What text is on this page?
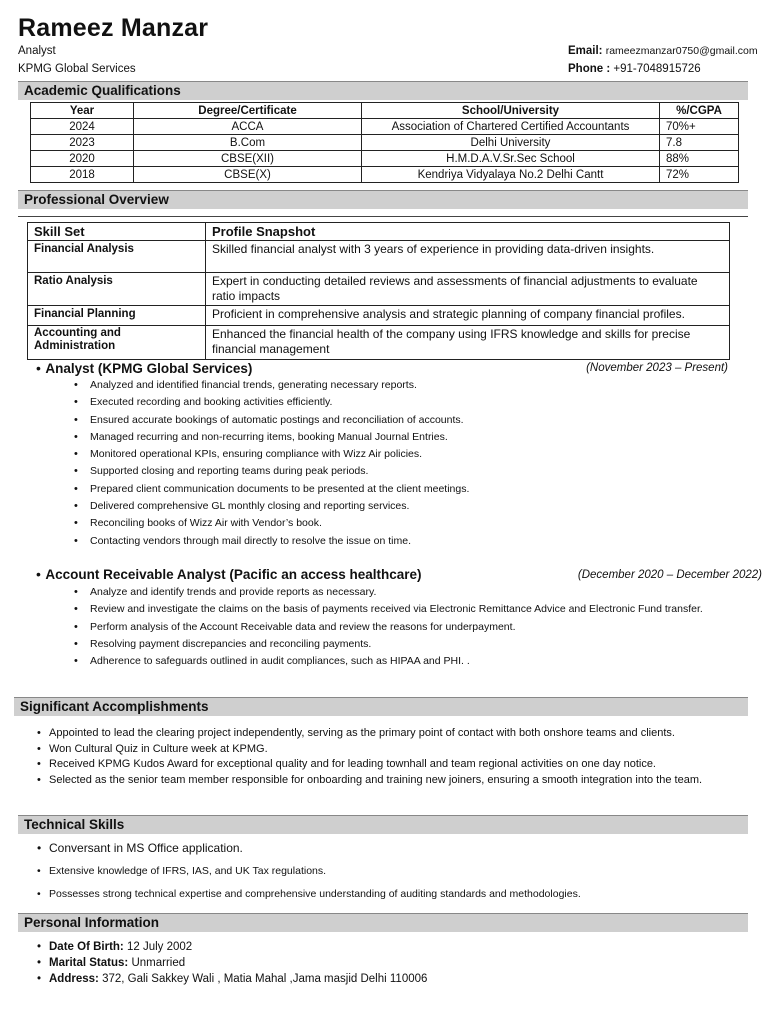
Rameez Manzar
Analyst
KPMG Global Services
Email: rameezmanzar0750@gmail.com
Phone : +91-7048915726
Academic Qualifications
Year	Degree/Certificate	School/University	%/CGPA
2024	ACCA	Association of Chartered Certified Accountants	70%+
2023	B.Com	Delhi University	7.8
2020	CBSE(XII)	H.M.D.A.V.Sr.Sec School	88%
2018	CBSE(X)	Kendriya Vidyalaya No.2 Delhi Cantt	72%
Professional Overview
Skill Set	Profile Snapshot
Financial Analysis	Skilled financial analyst with 3 years of experience in providing data-driven insights.
Ratio Analysis	Expert in conducting detailed reviews and assessments of financial adjustments to evaluate ratio impacts
Financial Planning	Proficient in comprehensive analysis and strategic planning of company financial profiles.
Accounting and Administration	Enhanced the financial health of the company using IFRS knowledge and skills for precise financial management
• Analyst (KPMG Global Services)	(November 2023 – Present)
• Analyzed and identified financial trends, generating necessary reports.
• Executed recording and booking activities efficiently.
• Ensured accurate bookings of automatic postings and reconciliation of accounts.
• Managed recurring and non-recurring items, booking Manual Journal Entries.
• Monitored operational KPIs, ensuring compliance with Wizz Air policies.
• Supported closing and reporting teams during peak periods.
• Prepared client communication documents to be presented at the client meetings.
• Delivered comprehensive GL monthly closing and reporting services.
• Reconciling books of Wizz Air with Vendor’s book.
• Contacting vendors through mail directly to resolve the issue on time.
• Account Receivable Analyst (Pacific an access healthcare)	(December 2020 – December 2022)
• Analyze and identify trends and provide reports as necessary.
• Review and investigate the claims on the basis of payments received via Electronic Remittance Advice and Electronic Fund transfer.
• Perform analysis of the Account Receivable data and review the reasons for underpayment.
• Resolving payment discrepancies and reconciling payments.
• Adherence to safeguards outlined in audit compliances, such as HIPAA and PHI. .
Significant Accomplishments
• Appointed to lead the clearing project independently, serving as the primary point of contact with both onshore teams and clients.
• Won Cultural Quiz in Culture week at KPMG.
• Received KPMG Kudos Award for exceptional quality and for leading townhall and team regional activities on one day notice.
• Selected as the senior team member responsible for onboarding and training new joiners, ensuring a smooth integration into the team.
Technical Skills
• Conversant in MS Office application.
• Extensive knowledge of IFRS, IAS, and UK Tax regulations.
• Possesses strong technical expertise and comprehensive understanding of auditing standards and methodologies.
Personal Information
• Date Of Birth: 12 July 2002
• Marital Status: Unmarried
• Address: 372, Gali Sakkey Wali , Matia Mahal ,Jama masjid Delhi 110006
